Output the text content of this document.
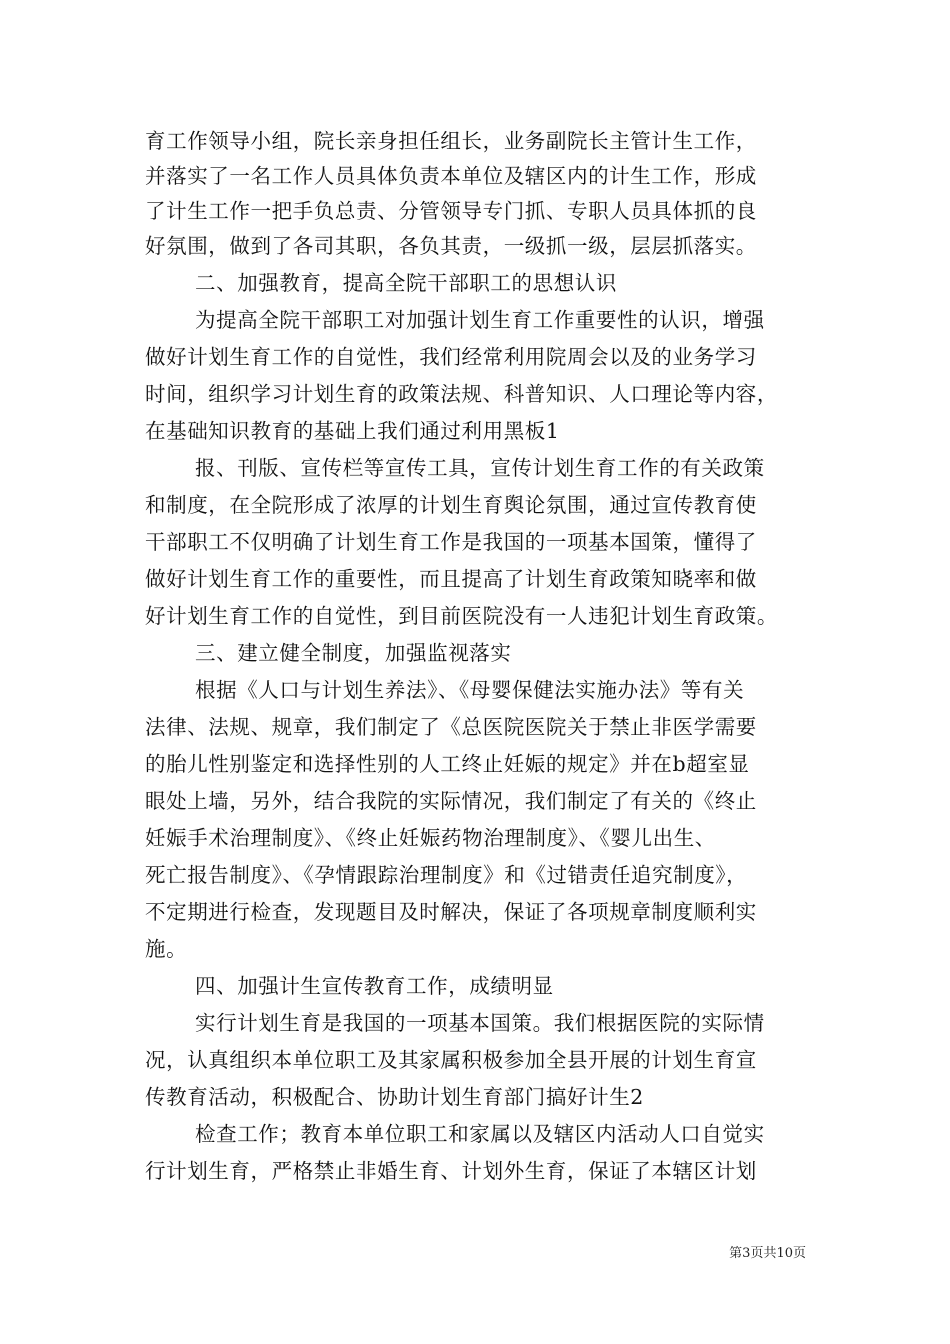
育工作领导小组，院长亲身担任组长，业务副院长主管计生工作，
并落实了一名工作人员具体负责本单位及辖区内的计生工作，形成
了计生工作一把手负总责、分管领导专门抓、专职人员具体抓的良
好氛围，做到了各司其职，各负其责，一级抓一级，层层抓落实。
二、加强教育，提高全院干部职工的思想认识
为提高全院干部职工对加强计划生育工作重要性的认识，增强
做好计划生育工作的自觉性，我们经常利用院周会以及的业务学习
时间，组织学习计划生育的政策法规、科普知识、人口理论等内容，
在基础知识教育的基础上我们通过利用黑板1
报、刊版、宣传栏等宣传工具，宣传计划生育工作的有关政策
和制度，在全院形成了浓厚的计划生育舆论氛围，通过宣传教育使
干部职工不仅明确了计划生育工作是我国的一项基本国策，懂得了
做好计划生育工作的重要性，而且提高了计划生育政策知晓率和做
好计划生育工作的自觉性，到目前医院没有一人违犯计划生育政策。
三、建立健全制度，加强监视落实
根据《人口与计划生养法》、《母婴保健法实施办法》等有关
法律、法规、规章，我们制定了《总医院医院关于禁止非医学需要
的胎儿性别鉴定和选择性别的人工终止妊娠的规定》并在b超室显
眼处上墙，另外，结合我院的实际情况，我们制定了有关的《终止
妊娠手术治理制度》、《终止妊娠药物治理制度》、《婴儿出生、
死亡报告制度》、《孕情跟踪治理制度》和《过错责任追究制度》，
不定期进行检查，发现题目及时解决，保证了各项规章制度顺利实
施。
四、加强计生宣传教育工作，成绩明显
实行计划生育是我国的一项基本国策。我们根据医院的实际情
况，认真组织本单位职工及其家属积极参加全县开展的计划生育宣
传教育活动，积极配合、协助计划生育部门搞好计生2
检查工作；教育本单位职工和家属以及辖区内活动人口自觉实
行计划生育，严格禁止非婚生育、计划外生育，保证了本辖区计划
第3页共10页
